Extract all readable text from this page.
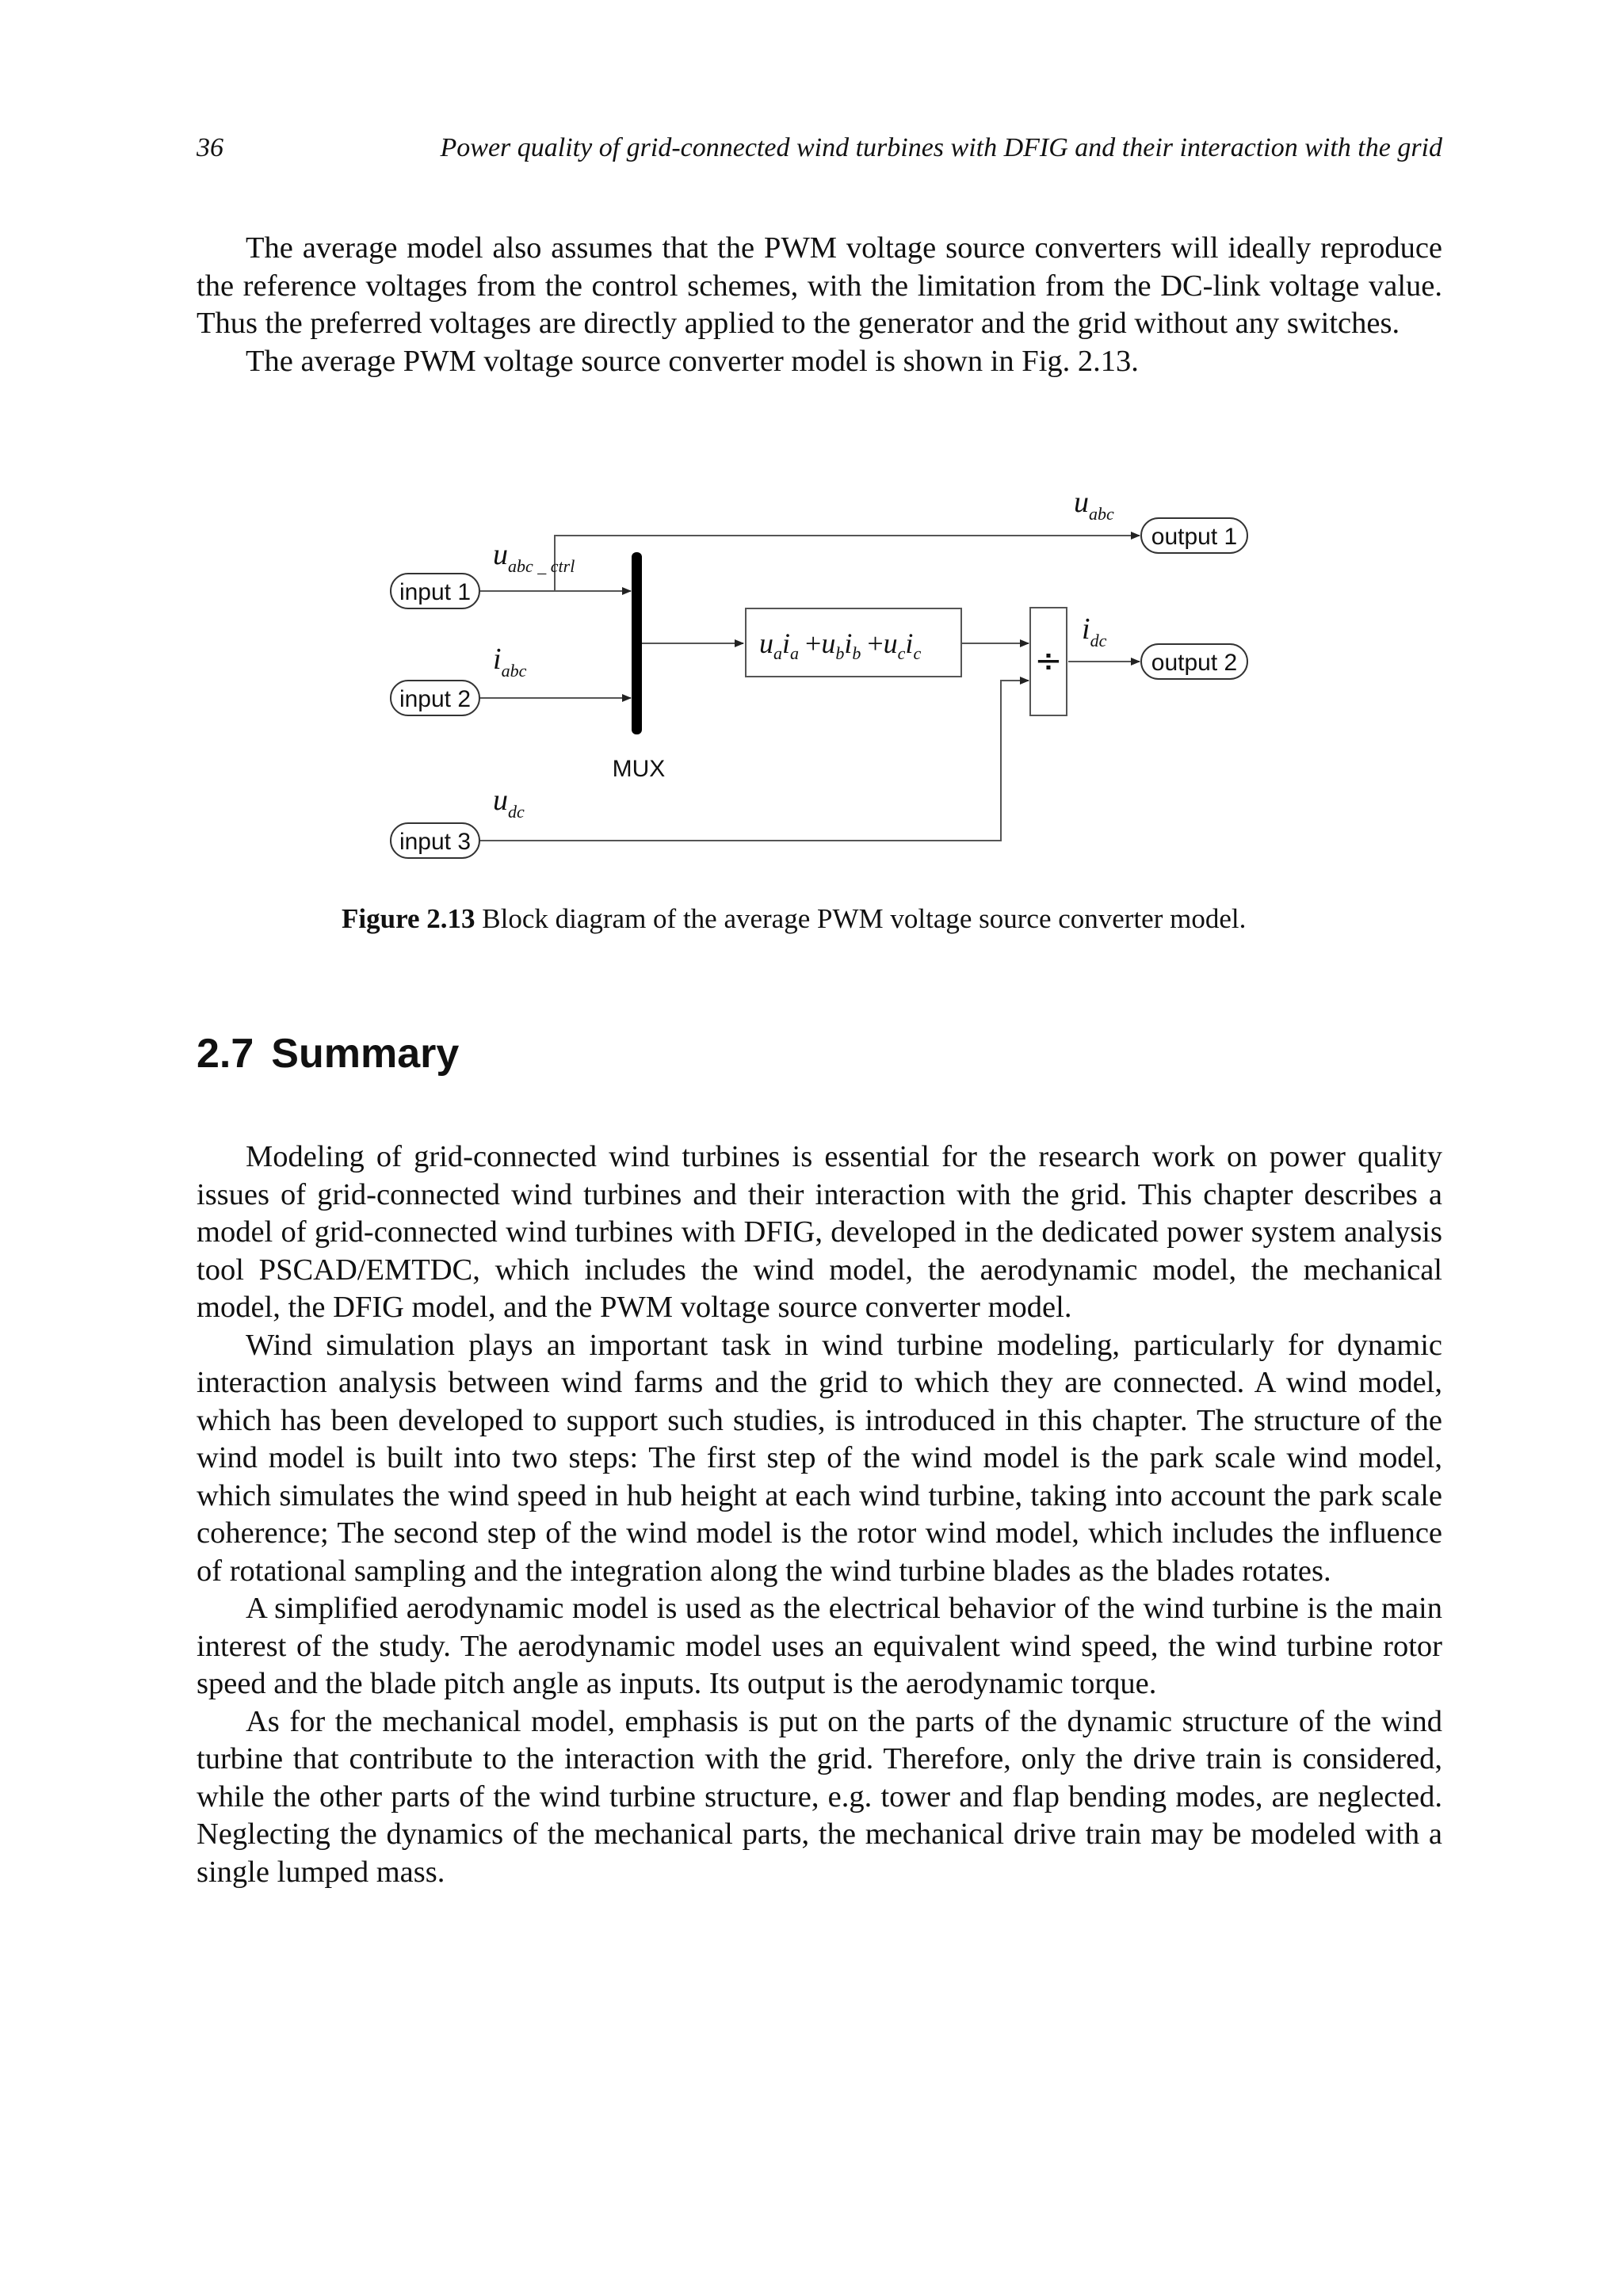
36	Power quality of grid-connected wind turbines with DFIG and their interaction with the grid

The average model also assumes that the PWM voltage source converters will ideally reproduce the reference voltages from the control schemes, with the limitation from the DC-link voltage value. Thus the preferred voltages are directly applied to the generator and the grid without any switches.

The average PWM voltage source converter model is shown in Fig. 2.13.

input 1
input 2
input 3
output 1
output 2
MUX
$u_ai_a +u_bi_b +u_ci_c$	÷
$u_{abc \_ ctrl}$
$i_{abc}$
$u_{dc}$
$u_{abc}$
$i_{dc}$
Figure 2.13 Block diagram of the average PWM voltage source converter model.
2.7 Summary

Modeling of grid-connected wind turbines is essential for the research work on power quality issues of grid-connected wind turbines and their interaction with the grid. This chapter describes a model of grid-connected wind turbines with DFIG, developed in the dedicated power system analysis tool PSCAD/EMTDC, which includes the wind model, the aerodynamic model, the mechanical model, the DFIG model, and the PWM voltage source converter model.

Wind simulation plays an important task in wind turbine modeling, particularly for dynamic interaction analysis between wind farms and the grid to which they are connected. A wind model, which has been developed to support such studies, is introduced in this chapter. The structure of the wind model is built into two steps: The first step of the wind model is the park scale wind model, which simulates the wind speed in hub height at each wind turbine, taking into account the park scale coherence; The second step of the wind model is the rotor wind model, which includes the influence of rotational sampling and the integration along the wind turbine blades as the blades rotates.

A simplified aerodynamic model is used as the electrical behavior of the wind turbine is the main interest of the study. The aerodynamic model uses an equivalent wind speed, the wind turbine rotor speed and the blade pitch angle as inputs. Its output is the aerodynamic torque.

As for the mechanical model, emphasis is put on the parts of the dynamic structure of the wind turbine that contribute to the interaction with the grid. Therefore, only the drive train is considered, while the other parts of the wind turbine structure, e.g. tower and flap bending modes, are neglected. Neglecting the dynamics of the mechanical parts, the mechanical drive train may be modeled with a single lumped mass.
